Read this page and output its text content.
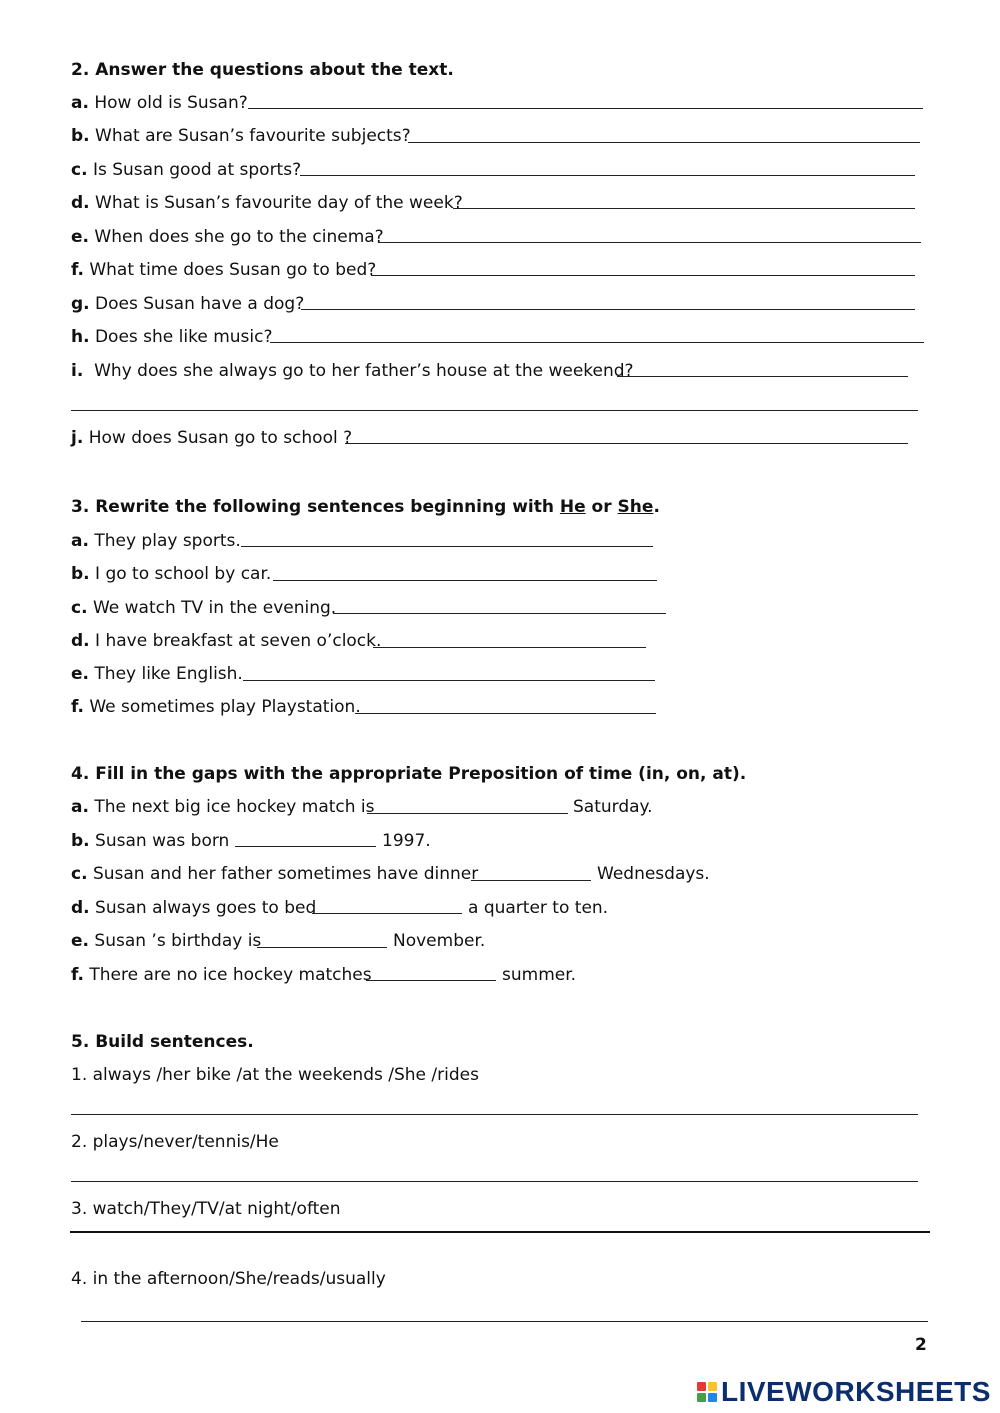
2. Answer the questions about the text.
a. How old is Susan?
b. What are Susan’s favourite subjects?
c. Is Susan good at sports?
d. What is Susan’s favourite day of the week?
e. When does she go to the cinema?
f. What time does Susan go to bed?
g. Does Susan have a dog?
h. Does she like music?
i. Why does she always go to her father’s house at the weekend?
j. How does Susan go to school ?
3. Rewrite the following sentences beginning with He or She.
a. They play sports.
b. I go to school by car.
c. We watch TV in the evening.
d. I have breakfast at seven o’clock.
e. They like English.
f. We sometimes play Playstation.
4. Fill in the gaps with the appropriate Preposition of time (in, on, at).
a. The next big ice hockey match is	Saturday.
b. Susan was born	1997.
c. Susan and her father sometimes have dinner	Wednesdays.
d. Susan always goes to bed	a quarter to ten.
e. Susan ’s birthday is	November.
f. There are no ice hockey matches	summer.
5. Build sentences.
1. always /her bike /at the weekends /She /rides
2. plays/never/tennis/He
3. watch/They/TV/at night/often
4. in the afternoon/She/reads/usually
2
LIVEWORKSHEETS
